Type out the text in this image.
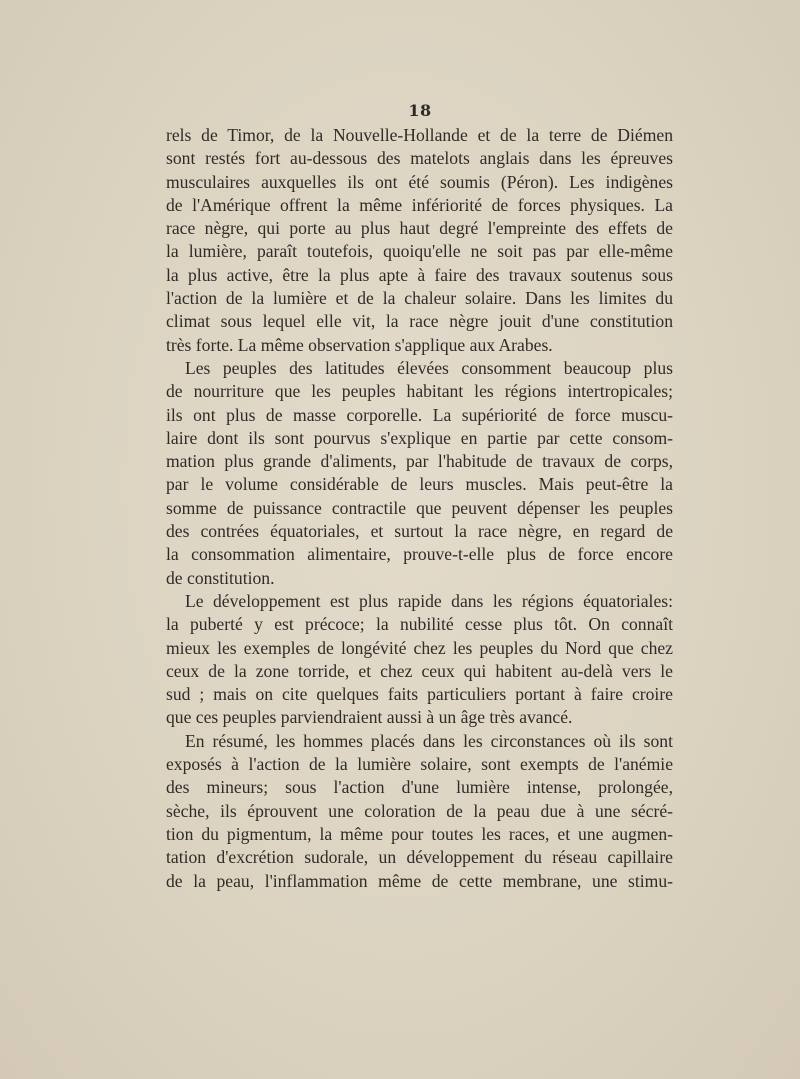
18
rels de Timor, de la Nouvelle-Hollande et de la terre de Diémen
sont restés fort au-dessous des matelots anglais dans les épreuves
musculaires auxquelles ils ont été soumis (Péron). Les indigènes
de l'Amérique offrent la même infériorité de forces physiques. La
race nègre, qui porte au plus haut degré l'empreinte des effets de
la lumière, paraît toutefois, quoiqu'elle ne soit pas par elle-même
la plus active, être la plus apte à faire des travaux soutenus sous
l'action de la lumière et de la chaleur solaire. Dans les limites du
climat sous lequel elle vit, la race nègre jouit d'une constitution
très forte. La même observation s'applique aux Arabes.
Les peuples des latitudes élevées consomment beaucoup plus
de nourriture que les peuples habitant les régions intertropicales;
ils ont plus de masse corporelle. La supériorité de force muscu-
laire dont ils sont pourvus s'explique en partie par cette consom-
mation plus grande d'aliments, par l'habitude de travaux de corps,
par le volume considérable de leurs muscles. Mais peut-être la
somme de puissance contractile que peuvent dépenser les peuples
des contrées équatoriales, et surtout la race nègre, en regard de
la consommation alimentaire, prouve-t-elle plus de force encore
de constitution.
Le développement est plus rapide dans les régions équatoriales:
la puberté y est précoce; la nubilité cesse plus tôt. On connaît
mieux les exemples de longévité chez les peuples du Nord que chez
ceux de la zone torride, et chez ceux qui habitent au-delà vers le
sud ; mais on cite quelques faits particuliers portant à faire croire
que ces peuples parviendraient aussi à un âge très avancé.
En résumé, les hommes placés dans les circonstances où ils sont
exposés à l'action de la lumière solaire, sont exempts de l'anémie
des mineurs; sous l'action d'une lumière intense, prolongée,
sèche, ils éprouvent une coloration de la peau due à une sécré-
tion du pigmentum, la même pour toutes les races, et une augmen-
tation d'excrétion sudorale, un développement du réseau capillaire
de la peau, l'inflammation même de cette membrane, une stimu-
